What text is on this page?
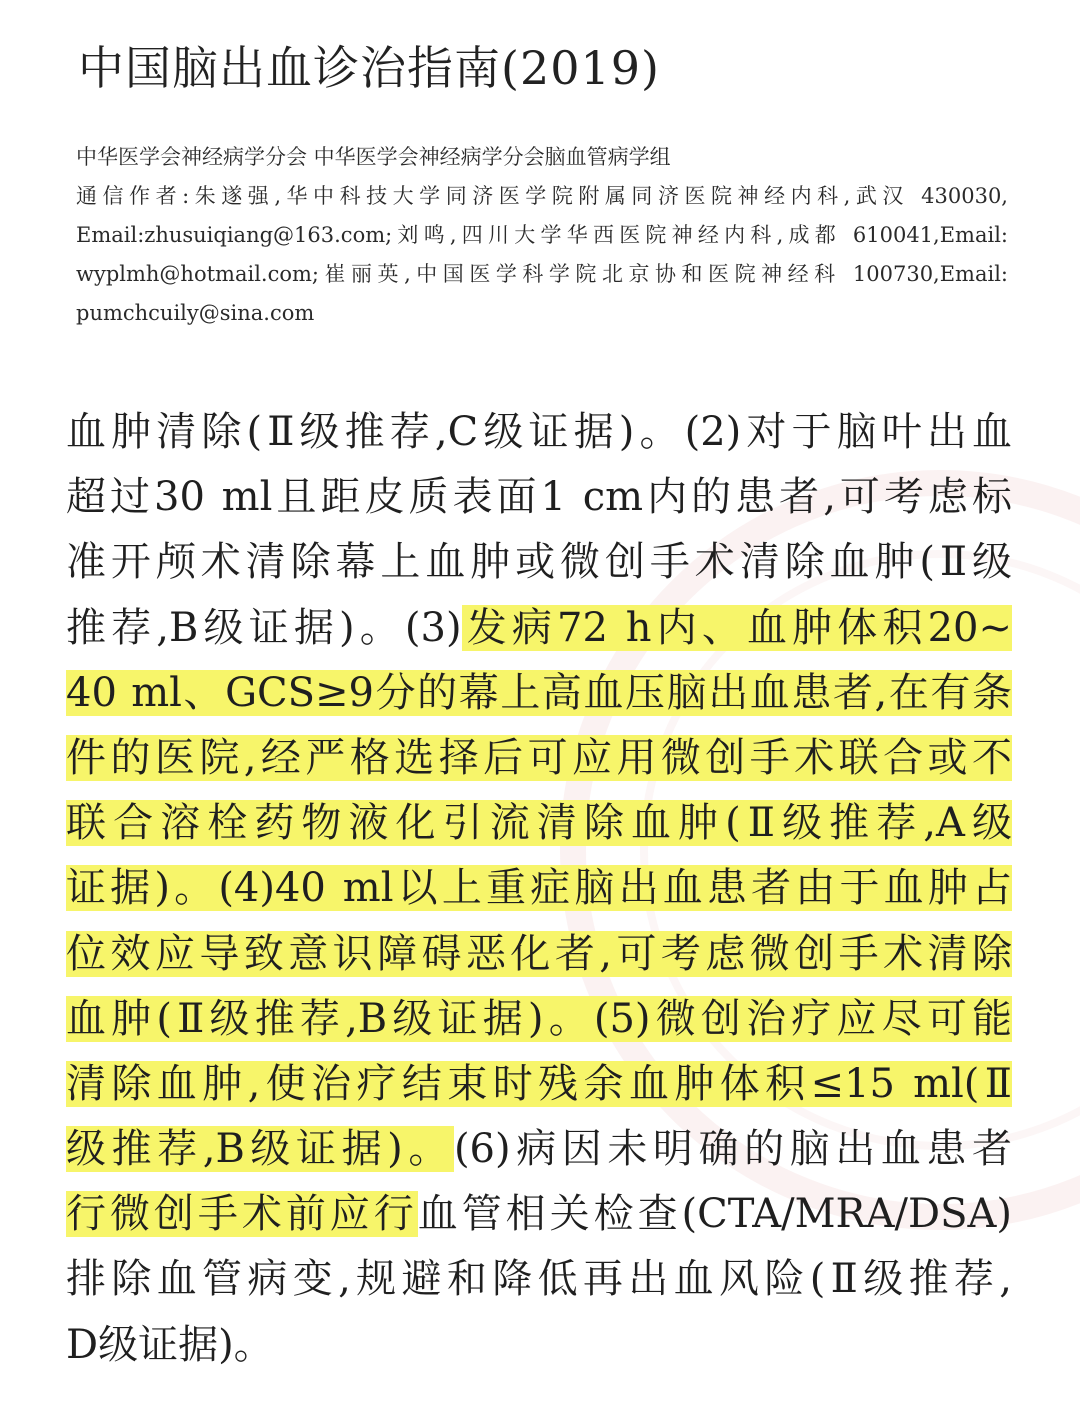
中国脑出血诊治指南(2019)
中华医学会神经病学分会 中华医学会神经病学分会脑血管病学组
通信作者:朱遂强,华中科技大学同济医学院附属同济医院神经内科,武汉 430030,
Email:zhusuiqiang@163.com;刘鸣,四川大学华西医院神经内科,成都 610041,Email:
wyplmh@hotmail.com;崔丽英,中国医学科学院北京协和医院神经科 100730,Email:
pumchcuily@sina.com
血肿清除(Ⅱ级推荐,C级证据)。(2)对于脑叶出血
超过30 ml且距皮质表面1 cm内的患者,可考虑标
准开颅术清除幕上血肿或微创手术清除血肿(Ⅱ级
推荐,B级证据)。(3)发病72 h内、血肿体积20~
40 ml、GCS≥9分的幕上高血压脑出血患者,在有条
件的医院,经严格选择后可应用微创手术联合或不
联合溶栓药物液化引流清除血肿(Ⅱ级推荐,A级
证据)。(4)40 ml以上重症脑出血患者由于血肿占
位效应导致意识障碍恶化者,可考虑微创手术清除
血肿(Ⅱ级推荐,B级证据)。(5)微创治疗应尽可能
清除血肿,使治疗结束时残余血肿体积≤15 ml(Ⅱ
级推荐,B级证据)。(6)病因未明确的脑出血患者
行微创手术前应行血管相关检查(CTA/MRA/DSA)
排除血管病变,规避和降低再出血风险(Ⅱ级推荐,
D级证据)。
